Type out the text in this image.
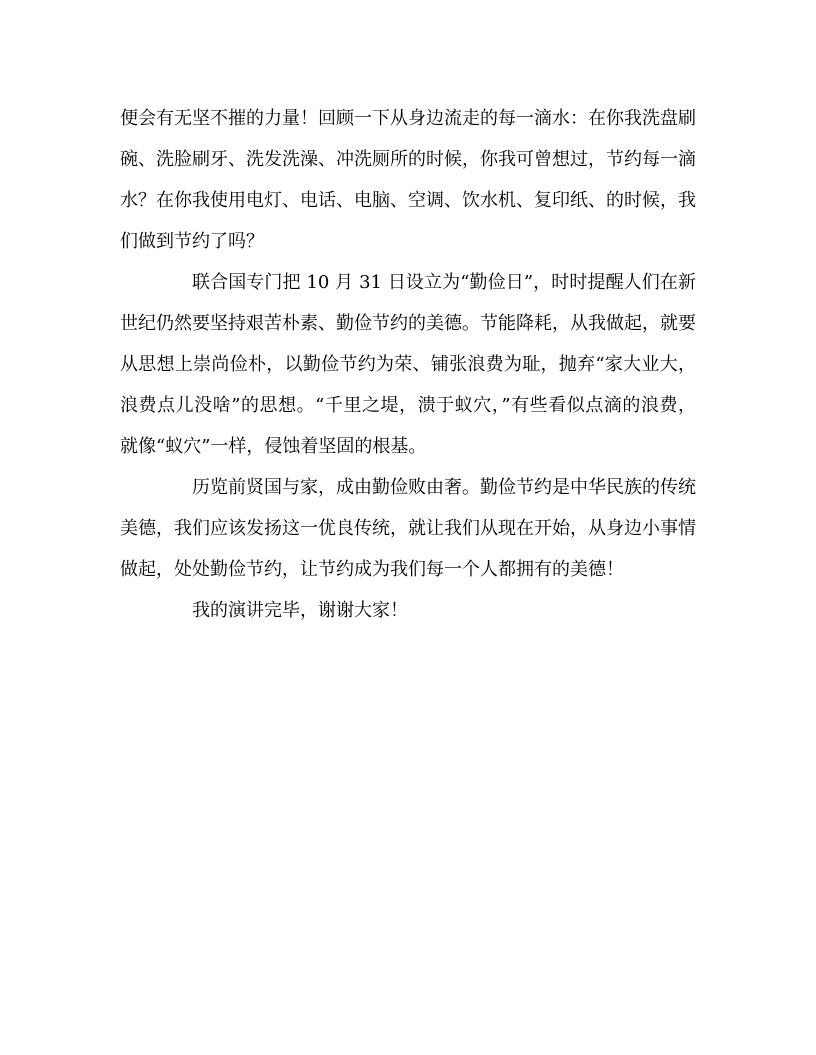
便会有无坚不摧的力量！回顾一下从身边流走的每一滴水：在你我洗盘刷碗、洗脸刷牙、洗发洗澡、冲洗厕所的时候，你我可曾想过，节约每一滴水？在你我使用电灯、电话、电脑、空调、饮水机、复印纸、的时候，我们做到节约了吗？

联合国专门把 10 月 31 日设立为“勤俭日”，时时提醒人们在新世纪仍然要坚持艰苦朴素、勤俭节约的美德。节能降耗，从我做起，就要从思想上崇尚俭朴，以勤俭节约为荣、铺张浪费为耻，抛弃“家大业大，浪费点儿没啥”的思想。“千里之堤，溃于蚁穴，”有些看似点滴的浪费，就像“蚁穴”一样，侵蚀着坚固的根基。

历览前贤国与家，成由勤俭败由奢。勤俭节约是中华民族的传统美德，我们应该发扬这一优良传统，就让我们从现在开始，从身边小事情做起，处处勤俭节约，让节约成为我们每一个人都拥有的美德！

我的演讲完毕，谢谢大家！
